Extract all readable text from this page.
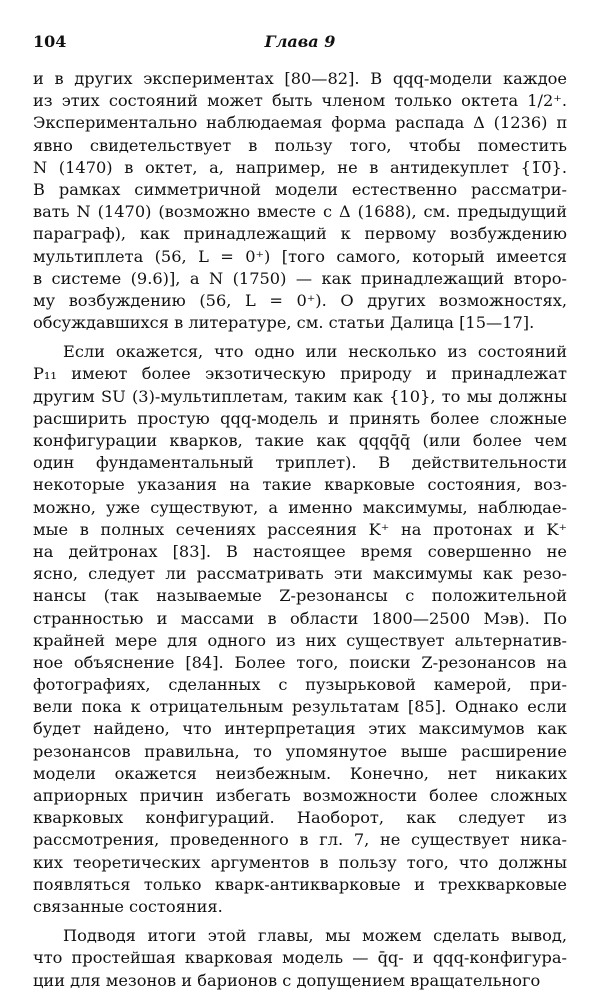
104	Глава 9
и в других экспериментах [80—82]. В qqq-модели каждое
из этих состояний может быть членом только октета 1/2⁺.
Экспериментально наблюдаемая форма распада Δ (1236) π
явно свидетельствует в пользу того, чтобы поместить
N (1470) в октет, а, например, не в антидекуплет {1̅0̅}.
В рамках симметричной модели естественно рассматри-
вать N (1470) (возможно вместе с Δ (1688), см. предыдущий
параграф), как принадлежащий к первому возбуждению
мультиплета (56, L = 0⁺) [того самого, который имеется
в системе (9.6)], а N (1750) — как принадлежащий второ-
му возбуждению (56, L = 0⁺). О других возможностях,
обсуждавшихся в литературе, см. статьи Далица [15—17].
Если окажется, что одно или несколько из состояний
P₁₁ имеют более экзотическую природу и принадлежат
другим SU (3)-мультиплетам, таким как {10}, то мы должны
расширить простую qqq-модель и принять более сложные
конфигурации кварков, такие как qqqq̄q̄ (или более чем
один фундаментальный триплет). В действительности
некоторые указания на такие кварковые состояния, воз-
можно, уже существуют, а именно максимумы, наблюдае-
мые в полных сечениях рассеяния K⁺ на протонах и K⁺
на дейтронах [83]. В настоящее время совершенно не
ясно, следует ли рассматривать эти максимумы как резо-
нансы (так называемые Z-резонансы с положительной
странностью и массами в области 1800—2500 Мэв). По
крайней мере для одного из них существует альтернатив-
ное объяснение [84]. Более того, поиски Z-резонансов на
фотографиях, сделанных с пузырьковой камерой, при-
вели пока к отрицательным результатам [85]. Однако если
будет найдено, что интерпретация этих максимумов как
резонансов правильна, то упомянутое выше расширение
модели окажется неизбежным. Конечно, нет никаких
априорных причин избегать возможности более сложных
кварковых конфигураций. Наоборот, как следует из
рассмотрения, проведенного в гл. 7, не существует никa-
ких теоретических аргументов в пользу того, что должны
появляться только кварк-антикварковые и трехкварковые
связанные состояния.
Подводя итоги этой главы, мы можем сделать вывод,
что простейшая кварковая модель — q̄q- и qqq-конфигура-
ции для мезонов и барионов с допущением вращательного
